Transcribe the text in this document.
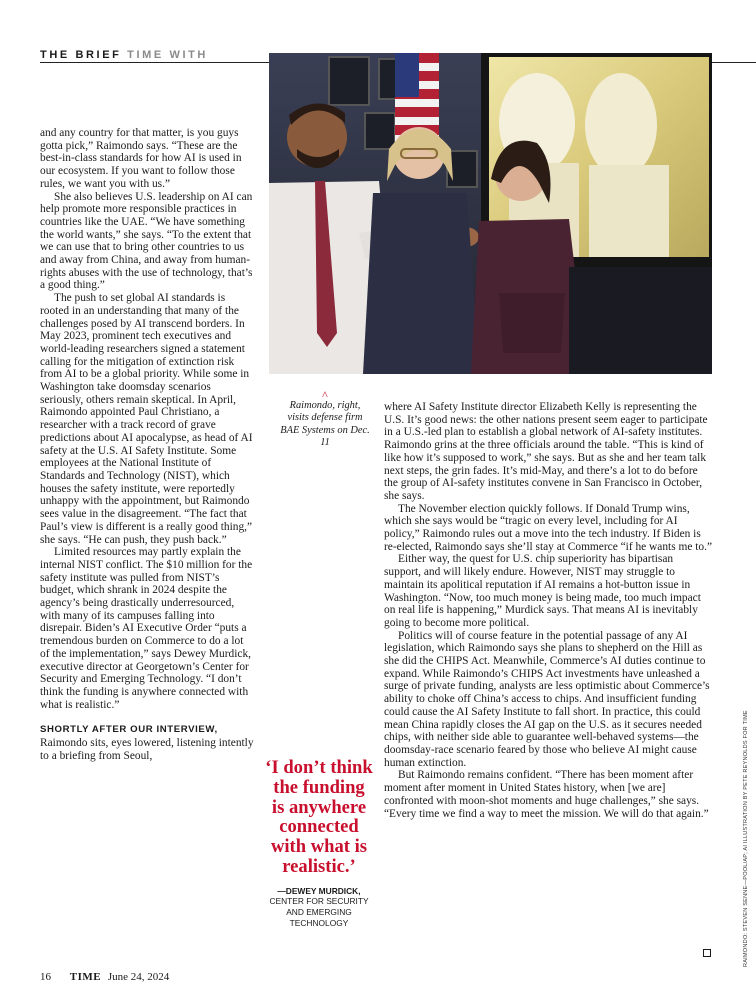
THE BRIEF TIME WITH

and any country for that matter, is you guys gotta pick,” Raimondo says. “These are the best-in-class standards for how AI is used in our ecosystem. If you want to follow those rules, we want you with us.”

She also believes U.S. leadership on AI can help promote more responsible practices in countries like the UAE. “We have something the world wants,” she says. “To the extent that we can use that to bring other countries to us and away from China, and away from human-rights abuses with the use of technology, that’s a good thing.”

The push to set global AI standards is rooted in an understanding that many of the challenges posed by AI transcend borders. In May 2023, prominent tech executives and world-leading researchers signed a statement calling for the mitigation of extinction risk from AI to be a global priority. While some in Washington take doomsday scenarios seriously, others remain skeptical. In April, Raimondo appointed Paul Christiano, a researcher with a track record of grave predictions about AI apocalypse, as head of AI safety at the U.S. AI Safety Institute. Some employees at the National Institute of Standards and Technology (NIST), which houses the safety institute, were reportedly unhappy with the appointment, but Raimondo sees value in the disagreement. “The fact that Paul’s view is different is a really good thing,” she says. “He can push, they push back.”

Limited resources may partly explain the internal NIST conflict. The $10 million for the safety institute was pulled from NIST’s budget, which shrank in 2024 despite the agency’s being drastically underresourced, with many of its campuses falling into disrepair. Biden’s AI Executive Order “puts a tremendous burden on Commerce to do a lot of the implementation,” says Dewey Murdick, executive director at Georgetown’s Center for Security and Emerging Technology. “I don’t think the funding is anywhere connected with what is realistic.”

SHORTLY AFTER OUR INTERVIEW, Raimondo sits, eyes lowered, listening intently to a briefing from Seoul,

^
Raimondo, right, visits defense firm BAE Systems on Dec. 11
‘I don’t think the funding is anywhere connected with what is realistic.’
—DEWEY MURDICK,
CENTER FOR SECURITY AND EMERGING TECHNOLOGY

where AI Safety Institute director Elizabeth Kelly is representing the U.S. It’s good news: the other nations present seem eager to participate in a U.S.-led plan to establish a global network of AI-safety institutes. Raimondo grins at the three officials around the table. “This is kind of like how it’s supposed to work,” she says. But as she and her team talk next steps, the grin fades. It’s mid-May, and there’s a lot to do before the group of AI-safety institutes convene in San Francisco in October, she says.

The November election quickly follows. If Donald Trump wins, which she says would be “tragic on every level, including for AI policy,” Raimondo rules out a move into the tech industry. If Biden is re-elected, Raimondo says she’ll stay at Commerce “if he wants me to.”

Either way, the quest for U.S. chip superiority has bipartisan support, and will likely endure. However, NIST may struggle to maintain its apolitical reputation if AI remains a hot-button issue in Washington. “Now, too much money is being made, too much impact on real life is happening,” Murdick says. That means AI is inevitably going to become more political.

Politics will of course feature in the potential passage of any AI legislation, which Raimondo says she plans to shepherd on the Hill as she did the CHIPS Act. Meanwhile, Commerce’s AI duties continue to expand. While Raimondo’s CHIPS Act investments have unleashed a surge of private funding, analysts are less optimistic about Commerce’s ability to choke off China’s access to chips. And insufficient funding could cause the AI Safety Institute to fall short. In practice, this could mean China rapidly closes the AI gap on the U.S. as it secures needed chips, with neither side able to guarantee well-behaved systems—the doomsday-race scenario feared by those who believe AI might cause human extinction.

But Raimondo remains confident. “There has been moment after moment after moment in United States history, when [we are] confronted with moon-shot moments and huge challenges,” she says. “Every time we find a way to meet the mission. We will do that again.”	RAIMONDO: STEVEN SENNE—POOL/AP; AI ILLUSTRATION BY PETE REYNOLDS FOR TIME
16 TIME June 24, 2024
